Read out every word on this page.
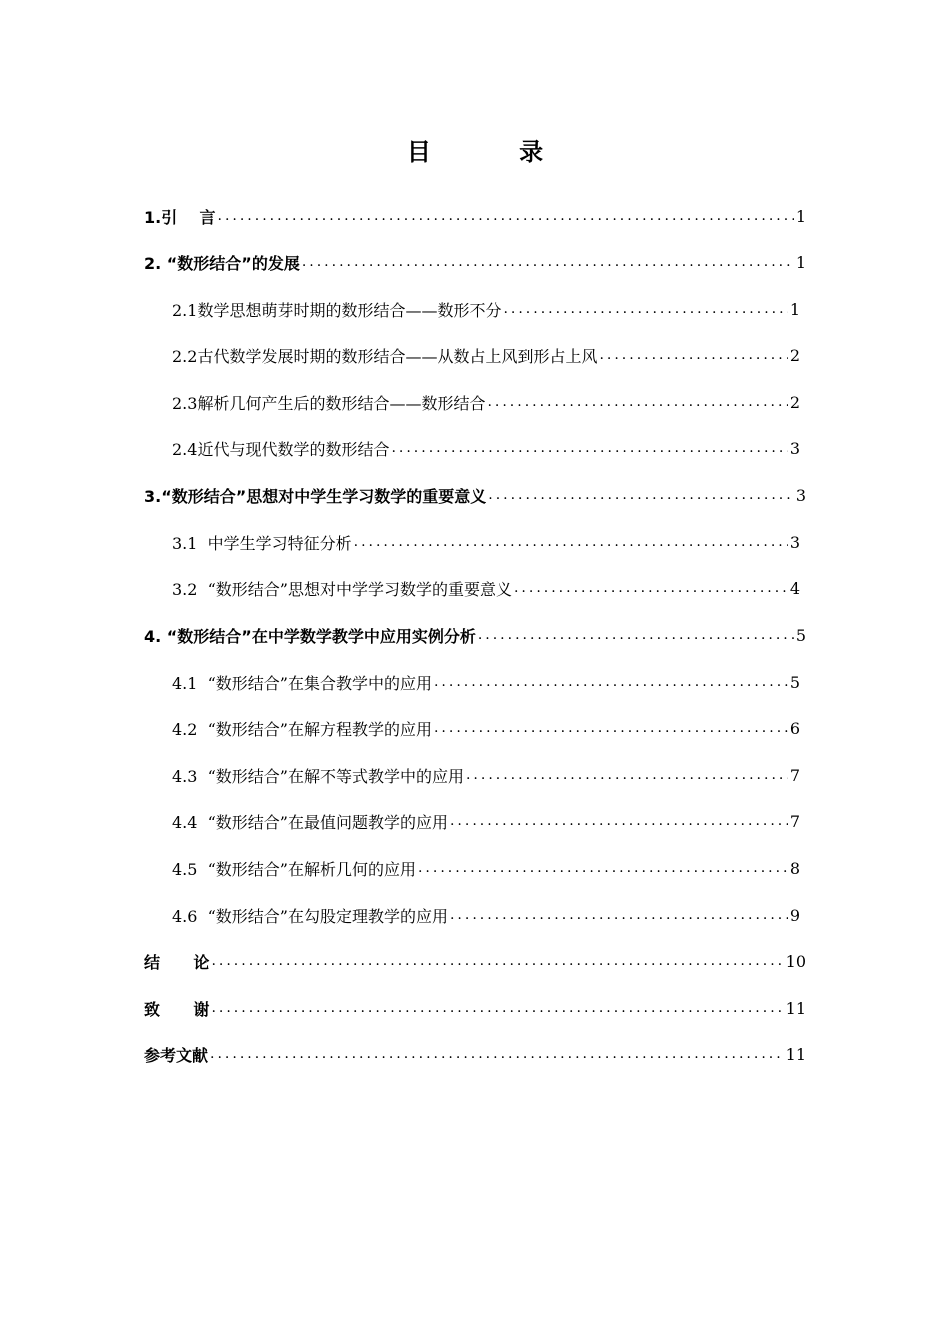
目 录
1.引    言 .....	1
2. “数形结合”的发展 .....	1
2.1数学思想萌芽时期的数形结合——数形不分 .....	1
2.2古代数学发展时期的数形结合——从数占上风到形占上风 .....	2
2.3解析几何产生后的数形结合——数形结合 .....	2
2.4近代与现代数学的数形结合 .....	3
3.“数形结合”思想对中学生学习数学的重要意义 .....	3
3.1  中学生学习特征分析 .....	3
3.2  “数形结合”思想对中学学习数学的重要意义 .....	4
4. “数形结合”在中学数学教学中应用实例分析 .....	5
4.1  “数形结合”在集合教学中的应用 .....	5
4.2  “数形结合”在解方程教学的应用 .....	6
4.3  “数形结合”在解不等式教学中的应用 .....	7
4.4  “数形结合”在最值问题教学的应用 .....	7
4.5  “数形结合”在解析几何的应用 .....	8
4.6  “数形结合”在勾股定理教学的应用 .....	9
结      论 .....	10
致      谢 .....	11
参考文献 .....	11
